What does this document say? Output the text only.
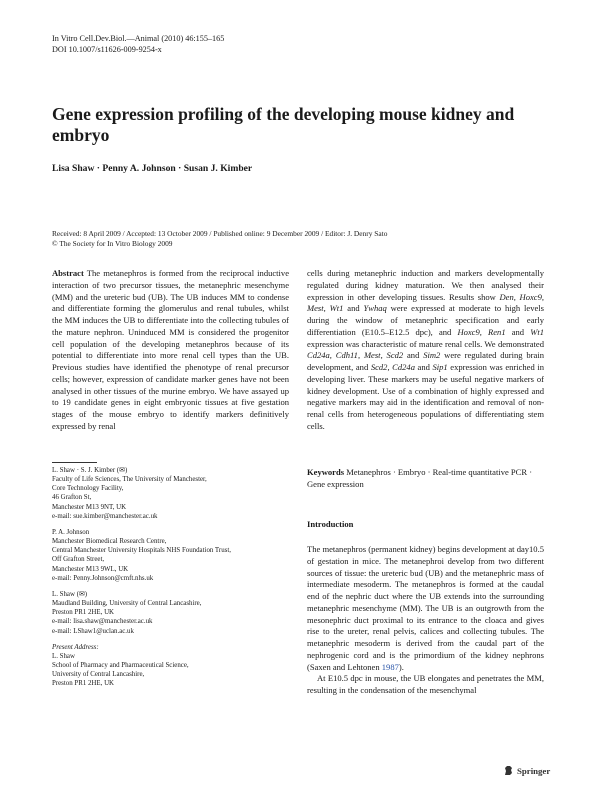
In Vitro Cell.Dev.Biol.—Animal (2010) 46:155–165
DOI 10.1007/s11626-009-9254-x
Gene expression profiling of the developing mouse kidney and embryo
Lisa Shaw · Penny A. Johnson · Susan J. Kimber
Received: 8 April 2009 / Accepted: 13 October 2009 / Published online: 9 December 2009 / Editor: J. Denry Sato
© The Society for In Vitro Biology 2009

Abstract The metanephros is formed from the reciprocal inductive interaction of two precursor tissues, the metanephric mesenchyme (MM) and the ureteric bud (UB). The UB induces MM to condense and differentiate forming the glomerulus and renal tubules, whilst the MM induces the UB to differentiate into the collecting tubules of the mature nephron. Uninduced MM is considered the progenitor cell population of the developing metanephros because of its potential to differentiate into more renal cell types than the UB. Previous studies have identified the phenotype of renal precursor cells; however, expression of candidate marker genes have not been analysed in other tissues of the murine embryo. We have assayed up to 19 candidate genes in eight embryonic tissues at five gestation stages of the mouse embryo to identify markers definitively expressed by renal

cells during metanephric induction and markers developmentally regulated during kidney maturation. We then analysed their expression in other developing tissues. Results show Den, Hoxc9, Mest, Wt1 and Ywhaq were expressed at moderate to high levels during the window of metanephric specification and early differentiation (E10.5–E12.5 dpc), and Hoxc9, Ren1 and Wt1 expression was characteristic of mature renal cells. We demonstrated Cd24a, Cdh11, Mest, Scd2 and Sim2 were regulated during brain development, and Scd2, Cd24a and Sip1 expression was enriched in developing liver. These markers may be useful negative markers of kidney development. Use of a combination of highly expressed and negative markers may aid in the identification and removal of non-renal cells from heterogeneous populations of differentiating stem cells.

L. Shaw · S. J. Kimber (✉)
Faculty of Life Sciences, The University of Manchester,
Core Technology Facility,
46 Grafton St,
Manchester M13 9NT, UK
e-mail: sue.kimber@manchester.ac.uk
P. A. Johnson
Manchester Biomedical Research Centre,
Central Manchester University Hospitals NHS Foundation Trust,
Off Grafton Street,
Manchester M13 9WL, UK
e-mail: Penny.Johnson@cmft.nhs.uk
L. Shaw (✉)
Maudland Building, University of Central Lancashire,
Preston PR1 2HE, UK
e-mail: lisa.shaw@manchester.ac.uk
e-mail: LShaw1@uclan.ac.uk
Present Address:
L. Shaw
School of Pharmacy and Pharmaceutical Science,
University of Central Lancashire,
Preston PR1 2HE, UK
Keywords Metanephros · Embryo · Real-time quantitative PCR · Gene expression
Introduction

The metanephros (permanent kidney) begins development at day10.5 of gestation in mice. The metanephroi develop from two different sources of tissue: the ureteric bud (UB) and the metanephric mass of intermediate mesoderm. The metanephros is formed at the caudal end of the nephric duct where the UB extends into the surrounding metanephric mesenchyme (MM). The UB is an outgrowth from the mesonephric duct proximal to its entrance to the cloaca and gives rise to the ureter, renal pelvis, calices and collecting tubules. The metanephric mesoderm is derived from the caudal part of the nephrogenic cord and is the primordium of the kidney nephrons (Saxen and Lehtonen 1987).

At E10.5 dpc in mouse, the UB elongates and penetrates the MM, resulting in the condensation of the mesenchymal

Springer
